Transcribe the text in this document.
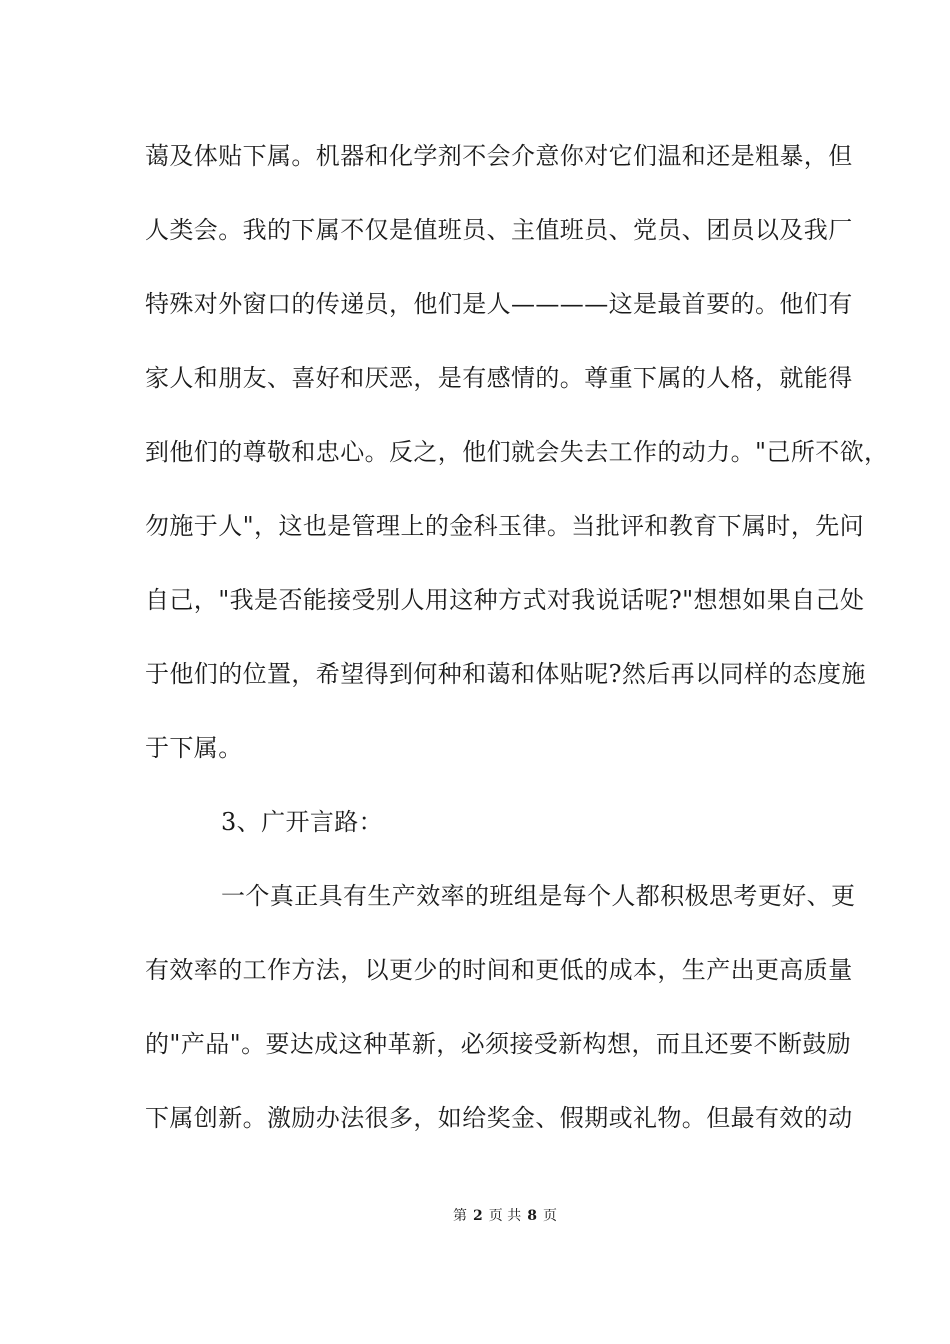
蔼及体贴下属。机器和化学剂不会介意你对它们温和还是粗暴，但
人类会。我的下属不仅是值班员、主值班员、党员、团员以及我厂
特殊对外窗口的传递员，他们是人————这是最首要的。他们有
家人和朋友、喜好和厌恶，是有感情的。尊重下属的人格，就能得
到他们的尊敬和忠心。反之，他们就会失去工作的动力。"己所不欲，
勿施于人"，这也是管理上的金科玉律。当批评和教育下属时，先问
自己，"我是否能接受别人用这种方式对我说话呢?"想想如果自己处
于他们的位置，希望得到何种和蔼和体贴呢?然后再以同样的态度施
于下属。
3、广开言路：
一个真正具有生产效率的班组是每个人都积极思考更好、更
有效率的工作方法，以更少的时间和更低的成本，生产出更高质量
的"产品"。要达成这种革新，必须接受新构想，而且还要不断鼓励
下属创新。激励办法很多，如给奖金、假期或礼物。但最有效的动
第 2 页 共 8 页
